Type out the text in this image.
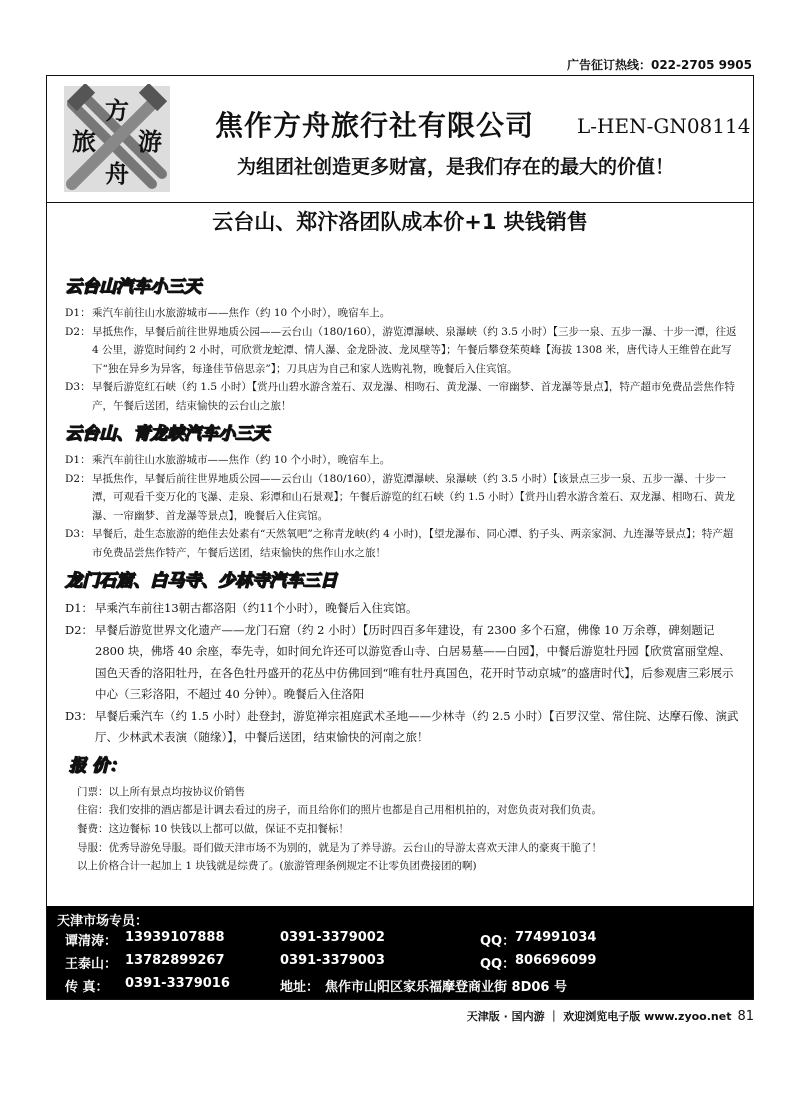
广告征订热线：022-2705 9905
方
旅 游
舟
焦作方舟旅行社有限公司 L-HEN-GN08114
为组团社创造更多财富，是我们存在的最大的价值！
云台山、郑汴洛团队成本价+1 块钱销售
云台山汽车小三天
D1： 乘汽车前往山水旅游城市——焦作（约 10 个小时），晚宿车上。
D2： 早抵焦作，早餐后前往世界地质公园——云台山（180/160），游览潭瀑峡、泉瀑峡（约 3.5 小时）【三步一泉、五步一瀑、十步一潭，往返 4 公里，游览时间约 2 小时，可欣赏龙蛇潭、情人瀑、金龙卧波、龙凤壁等】；午餐后攀登茱萸峰【海拔 1308 米，唐代诗人王维曾在此写下“独在异乡为异客，每逢佳节倍思亲”】；刀具店为自己和家人选购礼物，晚餐后入住宾馆。
D3： 早餐后游览红石峡（约 1.5 小时）【赏丹山碧水游含羞石、双龙瀑、相吻石、黄龙瀑、一帘幽梦、首龙瀑等景点】，特产超市免费品尝焦作特产，午餐后送团，结束愉快的云台山之旅！
云台山、青龙峡汽车小三天
D1： 乘汽车前往山水旅游城市——焦作（约 10 个小时），晚宿车上。
D2： 早抵焦作，早餐后前往世界地质公园——云台山（180/160），游览潭瀑峡、泉瀑峡（约 3.5 小时）【该景点三步一泉、五步一瀑、十步一潭，可观看千变万化的飞瀑、走泉、彩潭和山石景观】；午餐后游览的红石峡（约 1.5 小时）【赏丹山碧水游含羞石、双龙瀑、相吻石、黄龙瀑、一帘幽梦、首龙瀑等景点】，晚餐后入住宾馆。
D3： 早餐后，赴生态旅游的绝佳去处素有“天然氧吧”之称青龙峡(约 4 小时)，【望龙瀑布、同心潭、豹子头、两亲家洞、九连瀑等景点】；特产超市免费品尝焦作特产，午餐后送团，结束愉快的焦作山水之旅！
龙门石窟、白马寺、少林寺汽车三日
D1： 早乘汽车前往13朝古都洛阳（约11个小时），晚餐后入住宾馆。
D2： 早餐后游览世界文化遗产——龙门石窟（约 2 小时）【历时四百多年建设，有 2300 多个石窟，佛像 10 万余尊，碑刻题记 2800 块，佛塔 40 余座，奉先寺，如时间允许还可以游览香山寺、白居易墓——白园】，中餐后游览牡丹园【欣赏富丽堂煌、国色天香的洛阳牡丹，在各色牡丹盛开的花丛中仿佛回到“唯有牡丹真国色，花开时节动京城”的盛唐时代】，后参观唐三彩展示中心（三彩洛阳，不超过 40 分钟）。晚餐后入住洛阳
D3： 早餐后乘汽车（约 1.5 小时）赴登封，游览禅宗祖庭武术圣地——少林寺（约 2.5 小时）【百罗汉堂、常住院、达摩石像、演武厅、少林武术表演（随缘）】，中餐后送团，结束愉快的河南之旅！
报 价：
门票：以上所有景点均按协议价销售
住宿：我们安排的酒店都是计调去看过的房子，而且给你们的照片也都是自己用相机拍的，对您负责对我们负责。
餐费：这边餐标 10 快钱以上都可以做，保证不克扣餐标！
导服：优秀导游免导服。哥们做天津市场不为别的，就是为了养导游。云台山的导游太喜欢天津人的豪爽干脆了！
以上价格合计一起加上 1 块钱就是综费了。(旅游管理条例规定不让零负团费接团的啊)
天津市场专员：
谭清涛： 13939107888	0391-3379002	QQ： 774991034
王泰山： 13782899267	0391-3379003	QQ： 806696099
传 真： 0391-3379016	地址： 焦作市山阳区家乐福摩登商业街 8D06 号
天津版 · 国内游 ｜ 欢迎浏览电子版 www.zyoo.net 81
